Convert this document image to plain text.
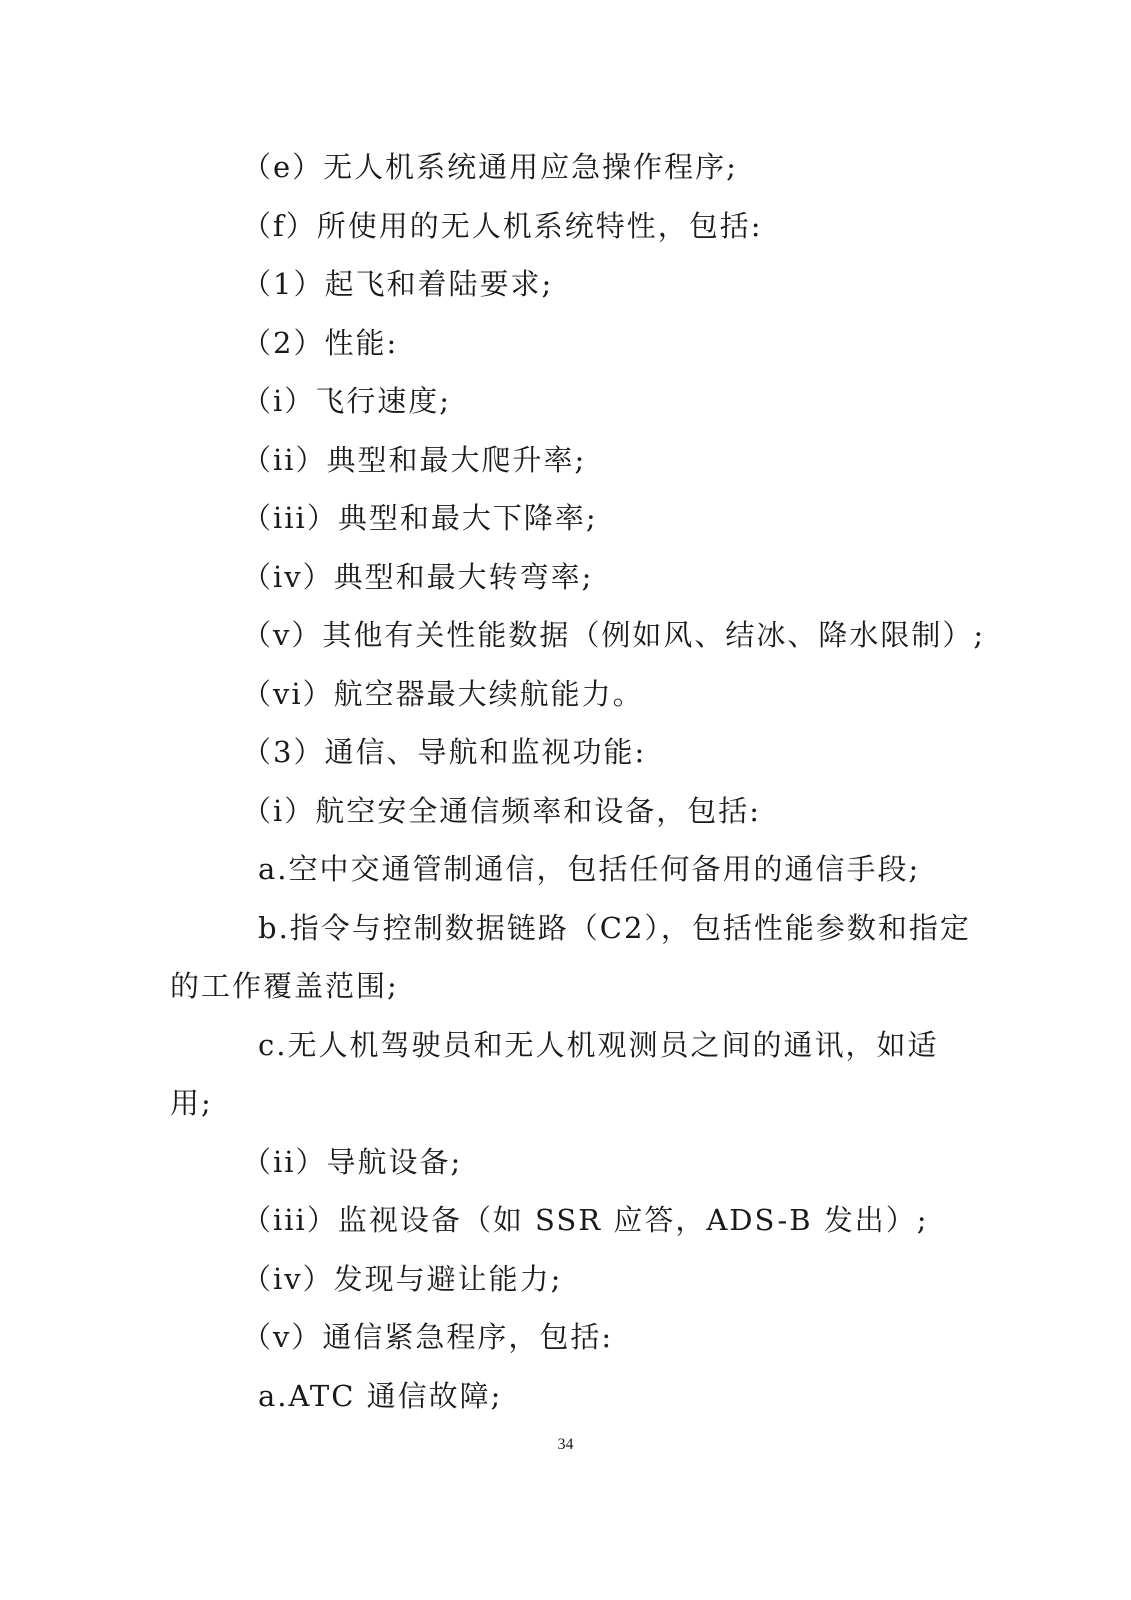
（e）无人机系统通用应急操作程序;
（f）所使用的无人机系统特性，包括:
（1）起飞和着陆要求;
（2）性能:
（i）飞行速度;
（ii）典型和最大爬升率;
（iii）典型和最大下降率;
（iv）典型和最大转弯率;
（v）其他有关性能数据（例如风、结冰、降水限制）;
（vi）航空器最大续航能力。
（3）通信、导航和监视功能:
（i）航空安全通信频率和设备，包括:
a.空中交通管制通信，包括任何备用的通信手段;
b.指令与控制数据链路（C2），包括性能参数和指定
的工作覆盖范围;
c.无人机驾驶员和无人机观测员之间的通讯，如适
用;
（ii）导航设备;
（iii）监视设备（如 SSR 应答，ADS-B 发出）;
（iv）发现与避让能力;
（v）通信紧急程序，包括:
a.ATC 通信故障;
34
